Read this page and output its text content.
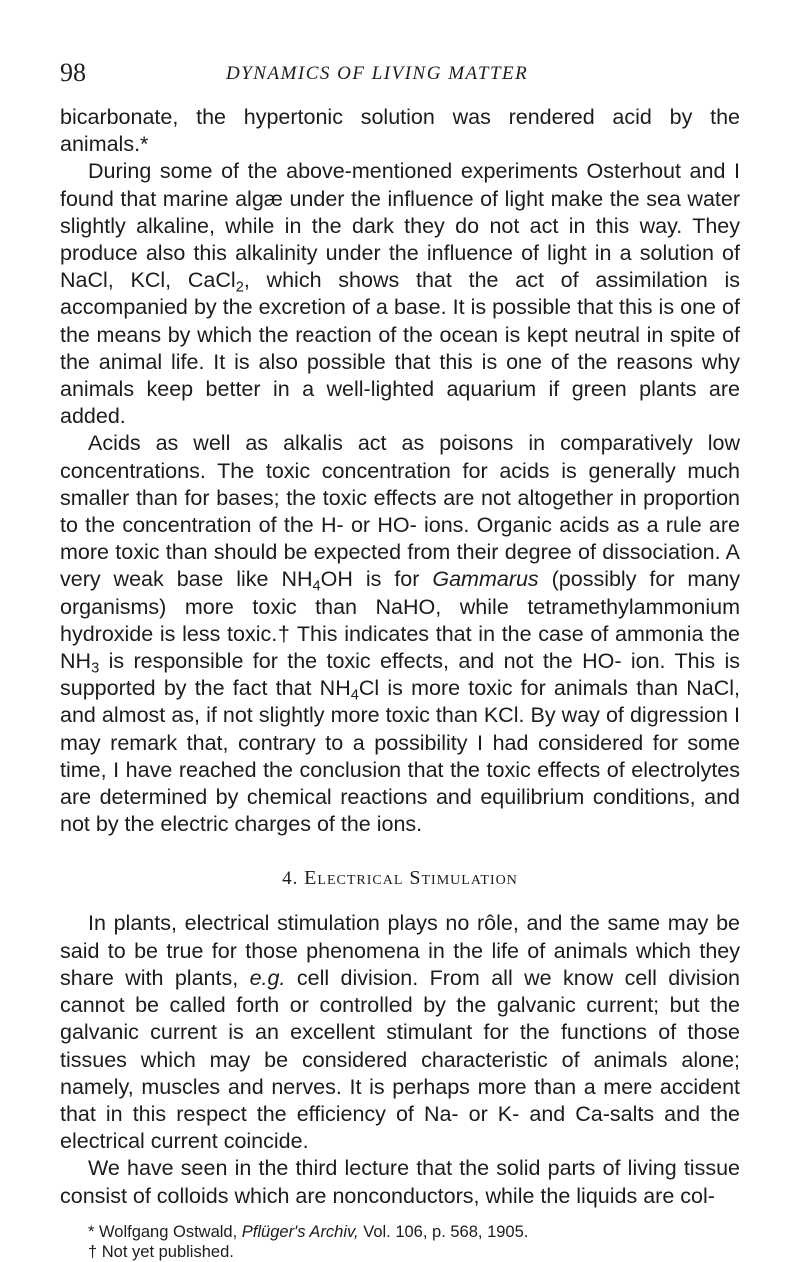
98	DYNAMICS OF LIVING MATTER

bicarbonate, the hypertonic solution was rendered acid by the animals.*

During some of the above-mentioned experiments Osterhout and I found that marine algæ under the influence of light make the sea water slightly alkaline, while in the dark they do not act in this way. They produce also this alkalinity under the influence of light in a solution of NaCl, KCl, CaCl$_2$, which shows that the act of assimilation is accompanied by the excretion of a base. It is possible that this is one of the means by which the reaction of the ocean is kept neutral in spite of the animal life. It is also possible that this is one of the reasons why animals keep better in a well-lighted aquarium if green plants are added.

Acids as well as alkalis act as poisons in comparatively low concentrations. The toxic concentration for acids is generally much smaller than for bases; the toxic effects are not altogether in proportion to the concentration of the H- or HO- ions. Organic acids as a rule are more toxic than should be expected from their degree of dissociation. A very weak base like $NH_4OH$ is for Gammarus (possibly for many organisms) more toxic than NaHO, while tetramethylammonium hydroxide is less toxic.† This indicates that in the case of ammonia the $NH_3$ is responsible for the toxic effects, and not the HO- ion. This is supported by the fact that $NH_4Cl$ is more toxic for animals than NaCl, and almost as, if not slightly more toxic than KCl. By way of digression I may remark that, contrary to a possibility I had considered for some time, I have reached the conclusion that the toxic effects of electrolytes are determined by chemical reactions and equilibrium conditions, and not by the electric charges of the ions.

4. Electrical Stimulation

In plants, electrical stimulation plays no rôle, and the same may be said to be true for those phenomena in the life of animals which they share with plants, e.g. cell division. From all we know cell division cannot be called forth or controlled by the galvanic current; but the galvanic current is an excellent stimulant for the functions of those tissues which may be considered characteristic of animals alone; namely, muscles and nerves. It is perhaps more than a mere accident that in this respect the efficiency of Na- or K- and Ca-salts and the electrical current coincide.

We have seen in the third lecture that the solid parts of living tissue consist of colloids which are nonconductors, while the liquids are col-

* Wolfgang Ostwald, Pflüger's Archiv, Vol. 106, p. 568, 1905.
† Not yet published.
